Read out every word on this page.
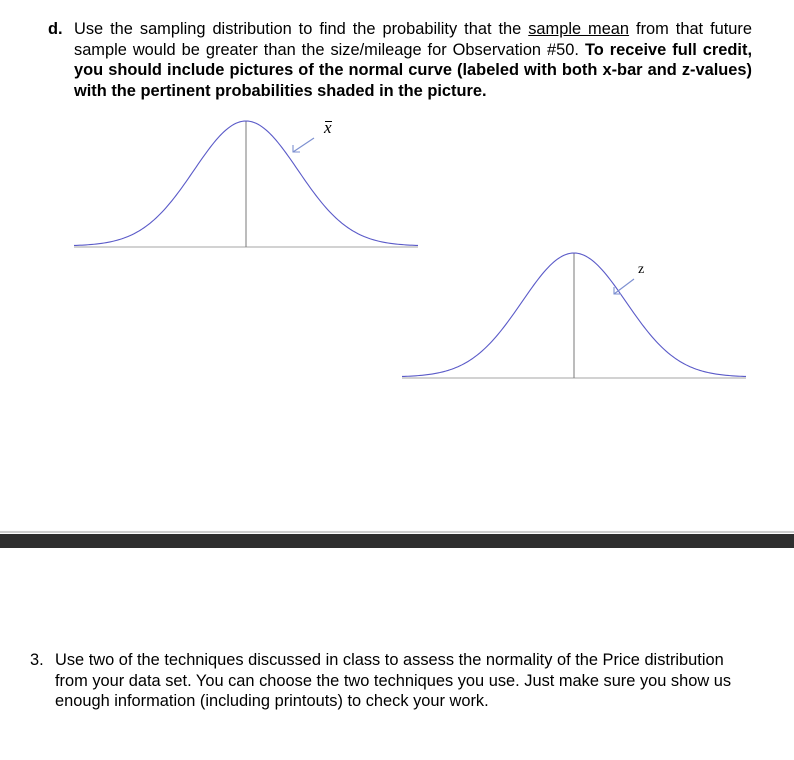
d. Use the sampling distribution to find the probability that the sample mean from that future sample would be greater than the size/mileage for Observation #50. To receive full credit, you should include pictures of the normal curve (labeled with both x-bar and z-values) with the pertinent probabilities shaded in the picture.
x
z
3. Use two of the techniques discussed in class to assess the normality of the Price distribution from your data set. You can choose the two techniques you use. Just make sure you show us enough information (including printouts) to check your work.
